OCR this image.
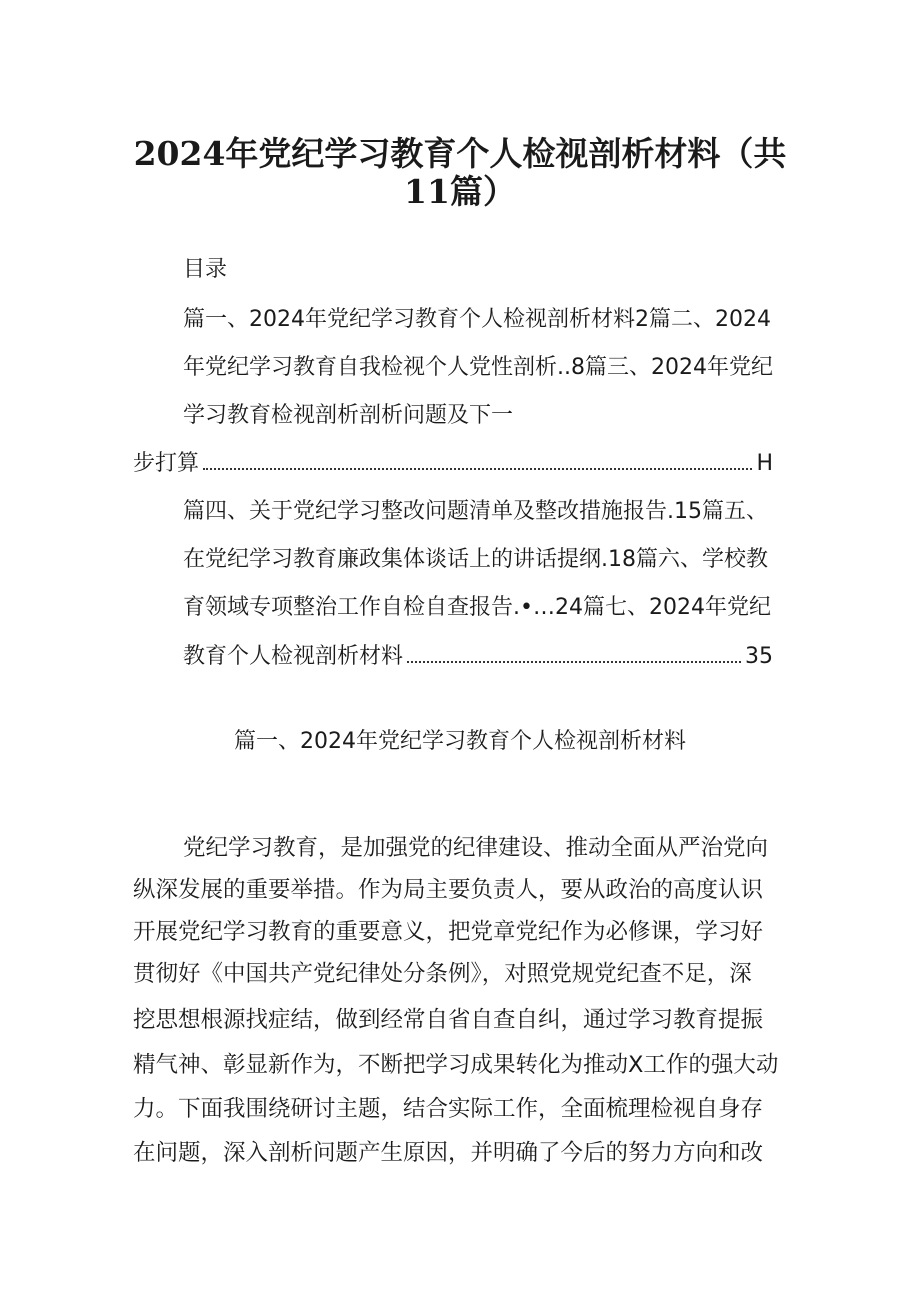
2024年党纪学习教育个人检视剖析材料（共
11篇）
目录

篇一、2024年党纪学习教育个人检视剖析材料2篇二、2024

年党纪学习教育自我检视个人党性剖析..8篇三、2024年党纪

学习教育检视剖析剖析问题及下一

步打算	H

篇四、关于党纪学习整改问题清单及整改措施报告.15篇五、

在党纪学习教育廉政集体谈话上的讲话提纲.18篇六、学校教

育领域专项整治工作自检自查报告.•…24篇七、2024年党纪

教育个人检视剖析材料	35
篇一、2024年党纪学习教育个人检视剖析材料

党纪学习教育，是加强党的纪律建设、推动全面从严治党向

纵深发展的重要举措。作为局主要负责人，要从政治的高度认识

开展党纪学习教育的重要意义，把党章党纪作为必修课，学习好

贯彻好《中国共产党纪律处分条例》，对照党规党纪查不足，深

挖思想根源找症结，做到经常自省自查自纠，通过学习教育提振

精气神、彰显新作为，不断把学习成果转化为推动X工作的强大动

力。下面我围绕研讨主题，结合实际工作，全面梳理检视自身存

在问题，深入剖析问题产生原因，并明确了今后的努力方向和改
